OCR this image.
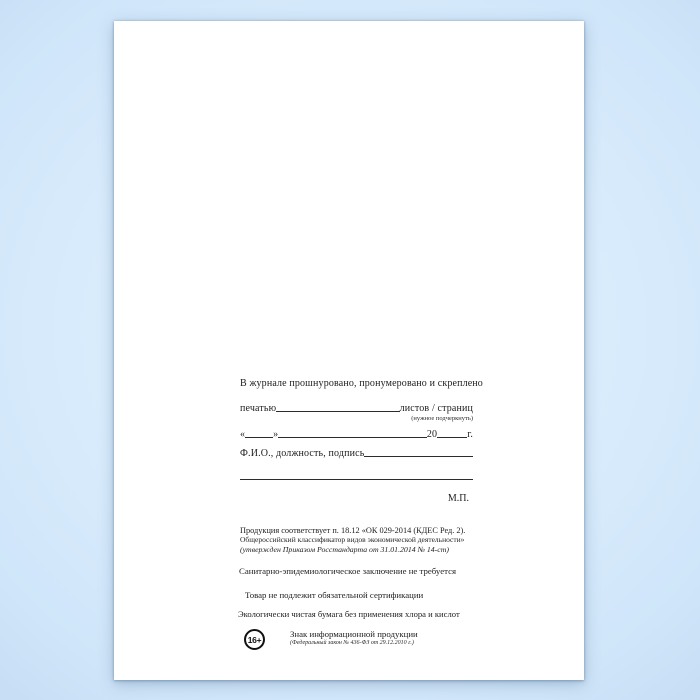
В журнале прошнуровано, пронумеровано и скреплено
печатью	листов / страниц
(нужное подчеркнуть)
«	»	20	г.
Ф.И.О., должность, подпись
М.П.
Продукция соответствует п. 18.12 «ОК 029-2014 (КДЕС Ред. 2).
Общероссийский классификатор видов экономической деятельности»
(утвержден Приказом Росстандарта от 31.01.2014 № 14-ст)
Санитарно-эпидемиологическое заключение не требуется
Товар не подлежит обязательной сертификации
Экологически чистая бумага без применения хлора и кислот
16+
Знак информационной продукции
(Федеральный закон № 436-ФЗ от 29.12.2010 г.)
